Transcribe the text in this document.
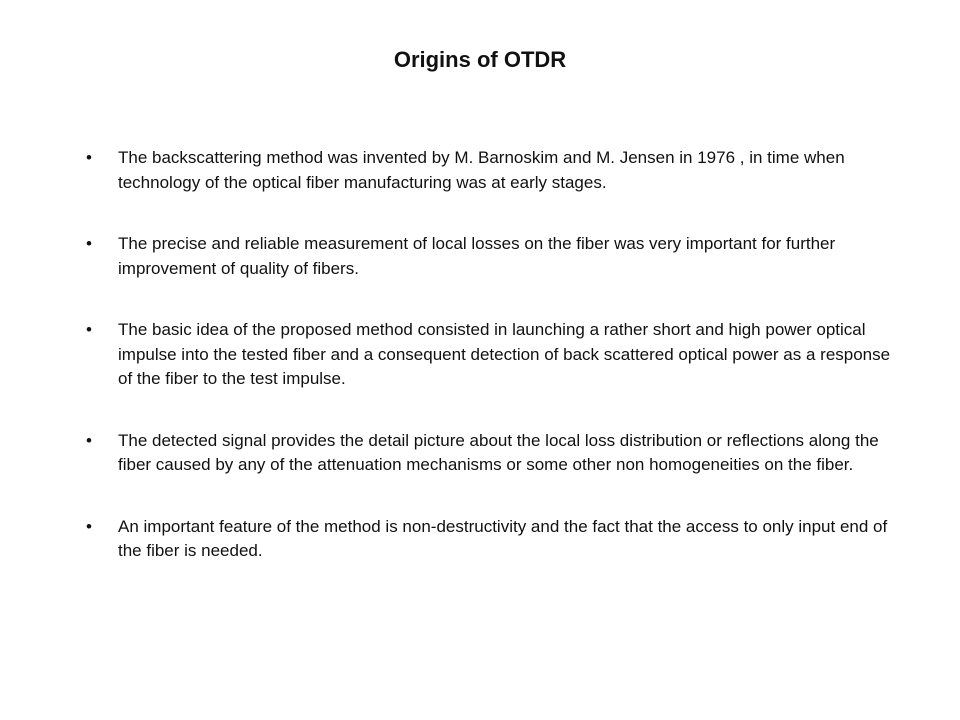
Origins of OTDR
•	The backscattering method was invented by M. Barnoskim and M. Jensen in 1976 , in time when technology of the optical fiber manufacturing was at early stages.
•	The precise and reliable measurement of local losses on the fiber was very important for further improvement of quality of fibers.
•	The basic idea of the proposed method consisted in launching a rather short and high power optical impulse into the tested fiber and a consequent detection of back scattered optical power as a response of the fiber to the test impulse.
•	The detected signal provides the detail picture about the local loss distribution or reflections along the fiber caused by any of the attenuation mechanisms or some other non homogeneities on the fiber.
•	An important feature of the method is non-destructivity and the fact that the access to only input end of the fiber is needed.
